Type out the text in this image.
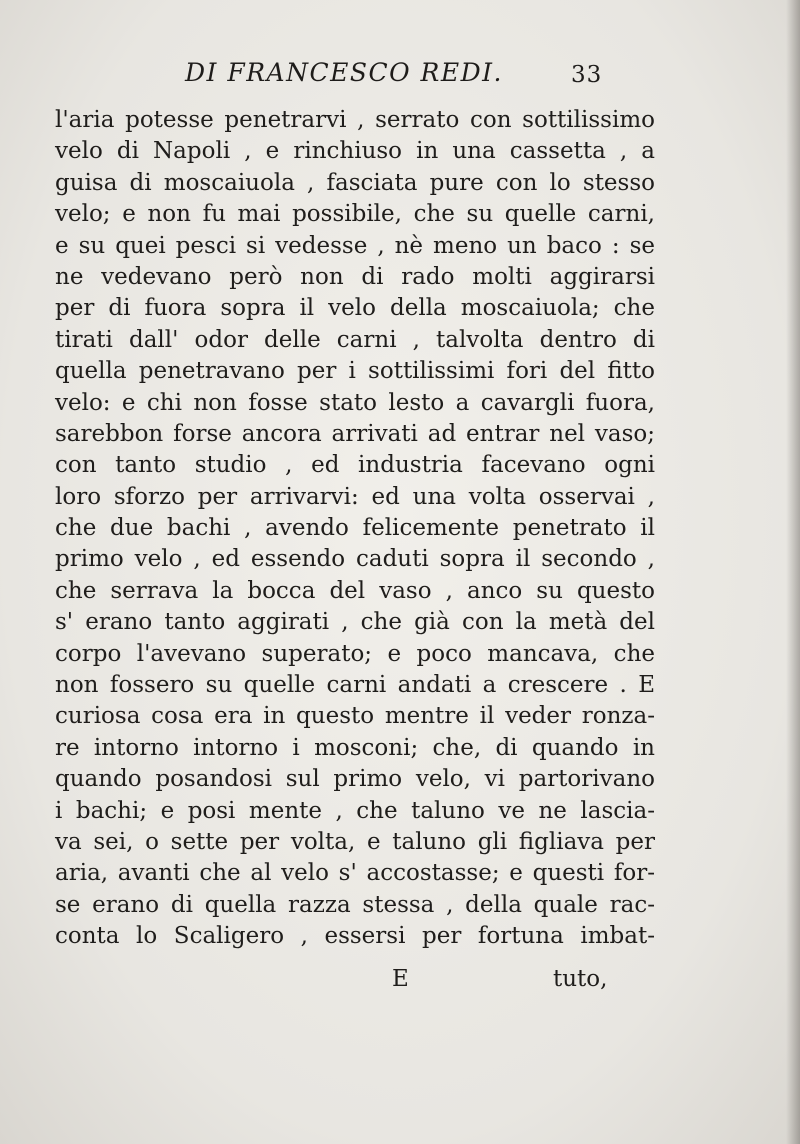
DI FRANCESCO REDI.	33
l'aria potesse penetrarvi , serrato con sottilissimo
velo di Napoli , e rinchiuso in una cassetta , a
guisa di moscaiuola , fasciata pure con lo stesso
velo; e non fu mai possibile, che su quelle carni,
e su quei pesci si vedesse , nè meno un baco : se
ne vedevano però non di rado molti aggirarsi
per di fuora sopra il velo della moscaiuola; che
tirati dall' odor delle carni , talvolta dentro di
quella penetravano per i sottilissimi fori del fitto
velo: e chi non fosse stato lesto a cavargli fuora,
sarebbon forse ancora arrivati ad entrar nel vaso;
con tanto studio , ed industria facevano ogni
loro sforzo per arrivarvi: ed una volta osservai ,
che due bachi , avendo felicemente penetrato il
primo velo , ed essendo caduti sopra il secondo ,
che serrava la bocca del vaso , anco su questo
s' erano tanto aggirati , che già con la metà del
corpo l'avevano superato; e poco mancava, che
non fossero su quelle carni andati a crescere . E
curiosa cosa era in questo mentre il veder ronza-
re intorno intorno i mosconi; che, di quando in
quando posandosi sul primo velo, vi partorivano
i bachi; e posi mente , che taluno ve ne lascia-
va sei, o sette per volta, e taluno gli figliava per
aria, avanti che al velo s' accostasse; e questi for-
se erano di quella razza stessa , della quale rac-
conta lo Scaligero , essersi per fortuna imbat-
E	tuto,
